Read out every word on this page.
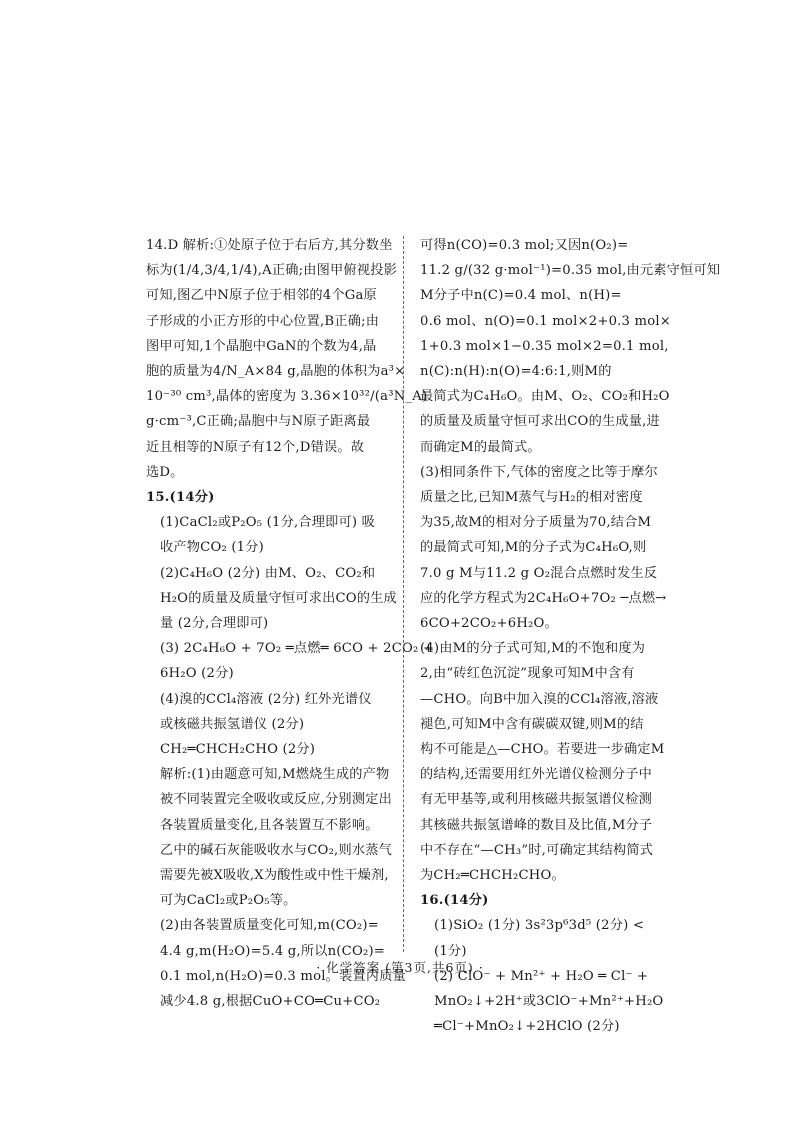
14.D 解析:①处原子位于右后方,其分数坐

标为(1/4,3/4,1/4),A正确;由图甲俯视投影

可知,图乙中N原子位于相邻的4个Ga原

子形成的小正方形的中心位置,B正确;由

图甲可知,1个晶胞中GaN的个数为4,晶

胞的质量为4/N_A×84 g,晶胞的体积为a³×

10⁻³⁰ cm³,晶体的密度为 3.36×10³²/(a³N_A)

g·cm⁻³,C正确;晶胞中与N原子距离最

近且相等的N原子有12个,D错误。故

选D。

15.(14分)

(1)CaCl₂或P₂O₅ (1分,合理即可) 吸

收产物CO₂ (1分)

(2)C₄H₆O (2分) 由M、O₂、CO₂和

H₂O的质量及质量守恒可求出CO的生成

量 (2分,合理即可)

(3) 2C₄H₆O + 7O₂ ═点燃═ 6CO + 2CO₂ +

6H₂O (2分)

(4)溴的CCl₄溶液 (2分) 红外光谱仪

或核磁共振氢谱仪 (2分)

CH₂═CHCH₂CHO (2分)

解析:(1)由题意可知,M燃烧生成的产物

被不同装置完全吸收或反应,分别测定出

各装置质量变化,且各装置互不影响。

乙中的碱石灰能吸收水与CO₂,则水蒸气

需要先被X吸收,X为酸性或中性干燥剂,

可为CaCl₂或P₂O₅等。

(2)由各装置质量变化可知,m(CO₂)=

4.4 g,m(H₂O)=5.4 g,所以n(CO₂)=

0.1 mol,n(H₂O)=0.3 mol。装置丙质量

减少4.8 g,根据CuO+CO═Cu+CO₂

可得n(CO)=0.3 mol;又因n(O₂)=

11.2 g/(32 g·mol⁻¹)=0.35 mol,由元素守恒可知

M分子中n(C)=0.4 mol、n(H)=

0.6 mol、n(O)=0.1 mol×2+0.3 mol×

1+0.3 mol×1−0.35 mol×2=0.1 mol,

n(C):n(H):n(O)=4:6:1,则M的

最简式为C₄H₆O。由M、O₂、CO₂和H₂O

的质量及质量守恒可求出CO的生成量,进

而确定M的最简式。

(3)相同条件下,气体的密度之比等于摩尔

质量之比,已知M蒸气与H₂的相对密度

为35,故M的相对分子质量为70,结合M

的最简式可知,M的分子式为C₄H₆O,则

7.0 g M与11.2 g O₂混合点燃时发生反

应的化学方程式为2C₄H₆O+7O₂ ─点燃→

6CO+2CO₂+6H₂O。

(4)由M的分子式可知,M的不饱和度为

2,由“砖红色沉淀”现象可知M中含有

—CHO。向B中加入溴的CCl₄溶液,溶液

褪色,可知M中含有碳碳双键,则M的结

构不可能是△—CHO。若要进一步确定M

的结构,还需要用红外光谱仪检测分子中

有无甲基等,或利用核磁共振氢谱仪检测

其核磁共振氢谱峰的数目及比值,M分子

中不存在“—CH₃”时,可确定其结构简式

为CH₂═CHCH₂CHO。

16.(14分)

(1)SiO₂ (1分) 3s²3p⁶3d⁵ (2分) <

(1分)

(2) ClO⁻ + Mn²⁺ + H₂O ═ Cl⁻ +

MnO₂↓+2H⁺或3ClO⁻+Mn²⁺+H₂O

═Cl⁻+MnO₂↓+2HClO (2分)

· 化学答案 (第3页,共6页) ·
